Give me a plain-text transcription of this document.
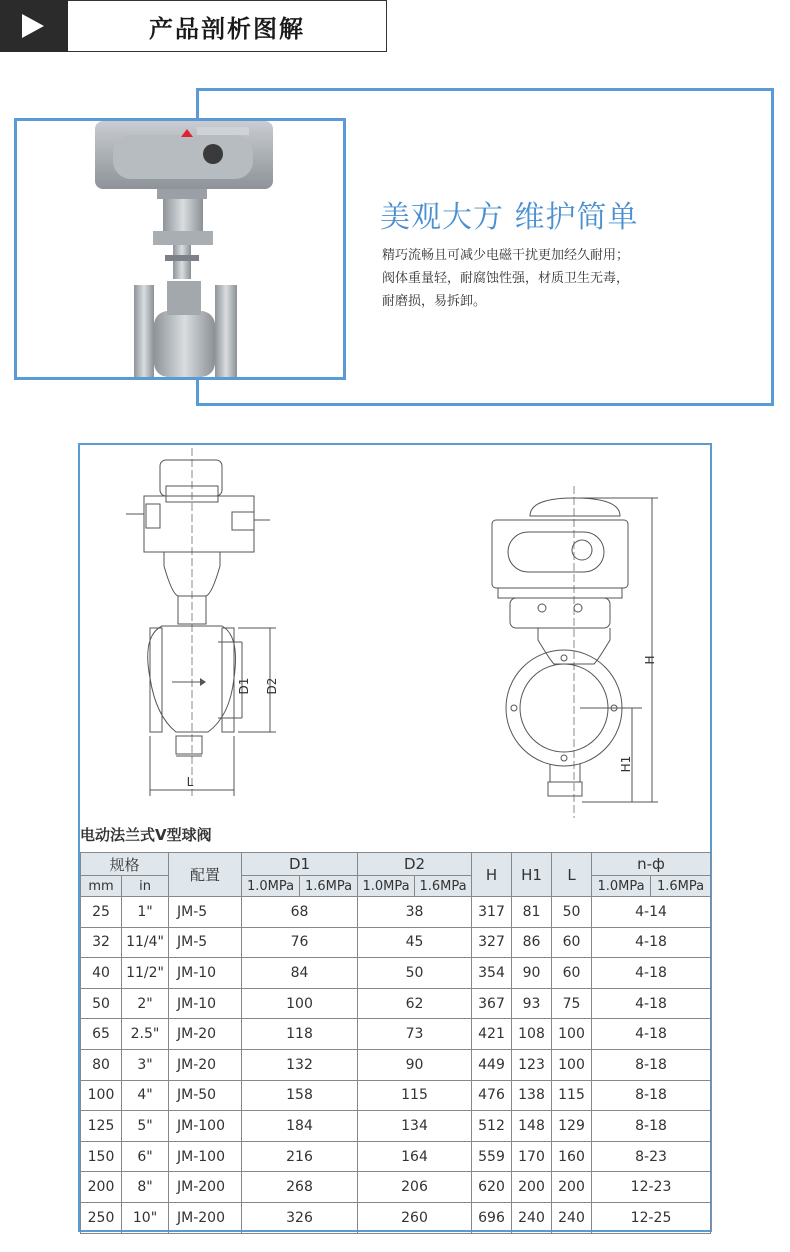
产品剖析图解
美观大方 维护简单
精巧流畅且可减少电磁干扰更加经久耐用；
阀体重量轻，耐腐蚀性强，材质卫生无毒，
耐磨损，易拆卸。
D1 D2
L
H
H1
电动法兰式V型球阀
规格		配置	D1		D2		H	H1	L	n-ф	
mm	in		1.0MPa	1.6MPa	1.0MPa	1.6MPa				1.0MPa	1.6MPa
25	1"	JM-5	68		38		317	81	50	4-14	
32	11/4"	JM-5	76		45		327	86	60	4-18	
40	11/2"	JM-10	84		50		354	90	60	4-18	
50	2"	JM-10	100		62		367	93	75	4-18	
65	2.5"	JM-20	118		73		421	108	100	4-18	
80	3"	JM-20	132		90		449	123	100	8-18	
100	4"	JM-50	158		115		476	138	115	8-18	
125	5"	JM-100	184		134		512	148	129	8-18	
150	6"	JM-100	216		164		559	170	160	8-23	
200	8"	JM-200	268		206		620	200	200	12-23	
250	10"	JM-200	326		260		696	240	240	12-25	
